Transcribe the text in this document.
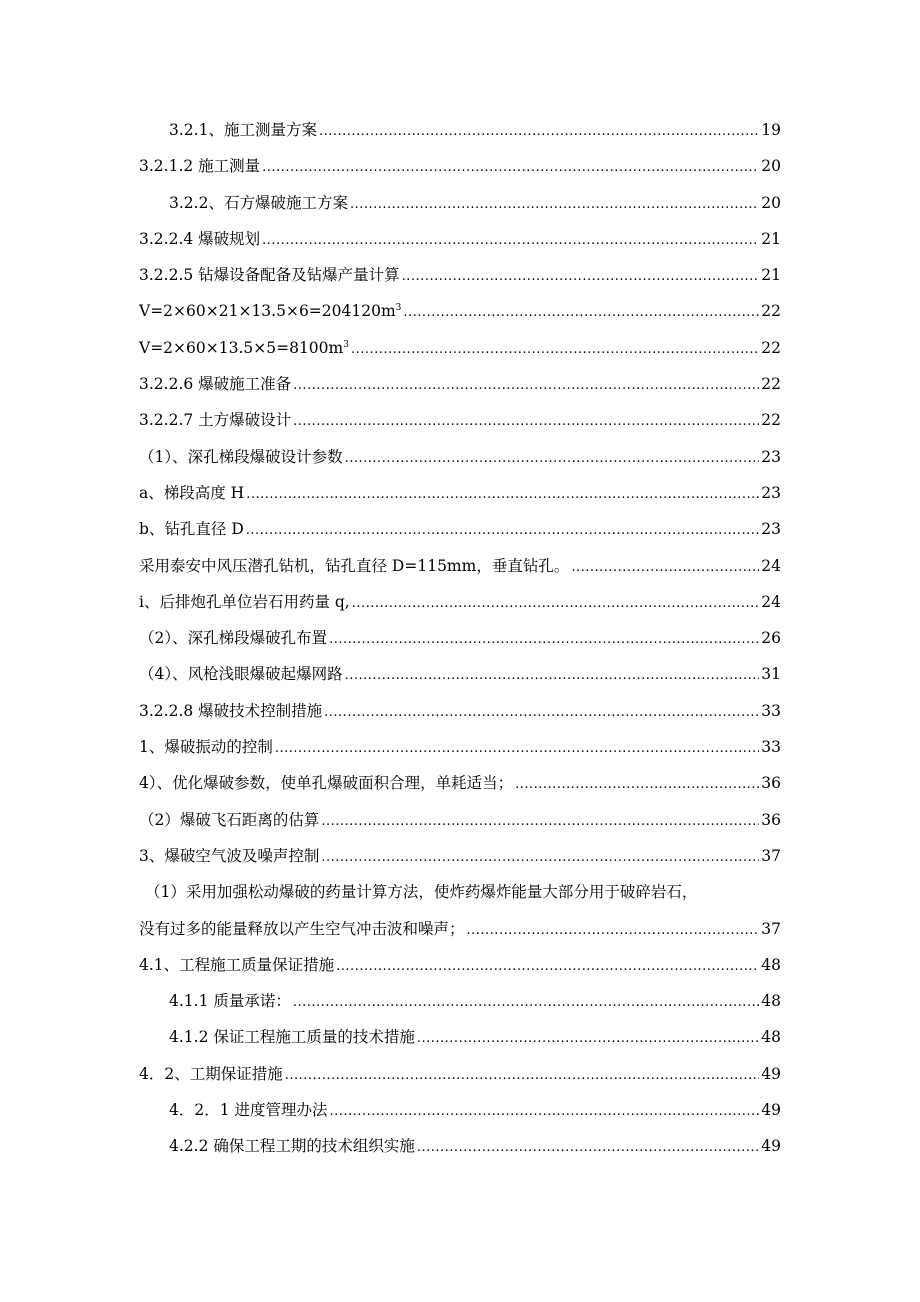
3.2.1、施工测量方案 .....	19
3.2.1.2 施工测量 .....	20
3.2.2、石方爆破施工方案 .....	20
3.2.2.4 爆破规划 .....	21
3.2.2.5 钻爆设备配备及钻爆产量计算 .....	21
$V=2\times 60\times 21\times 13.5\times 6=204120m^3$ .....	22
$V=2\times 60\times 13.5\times 5=8100m^3$ .....	22
3.2.2.6 爆破施工准备 .....	22
3.2.2.7 土方爆破设计 .....	22
（1）、深孔梯段爆破设计参数 .....	23
a、梯段高度 H .....	23
b、钻孔直径 D .....	23
采用泰安中风压潜孔钻机，钻孔直径 D=115mm，垂直钻孔。 .....	24
i、后排炮孔单位岩石用药量 q, .....	24
（2）、深孔梯段爆破孔布置 .....	26
（4）、风枪浅眼爆破起爆网路 .....	31
3.2.2.8 爆破技术控制措施 .....	33
1、爆破振动的控制 .....	33
4）、优化爆破参数，使单孔爆破面积合理，单耗适当； .....	36
（2）爆破飞石距离的估算 .....	36
3、爆破空气波及噪声控制 .....	37
（1）采用加强松动爆破的药量计算方法，使炸药爆炸能量大部分用于破碎岩石，
没有过多的能量释放以产生空气冲击波和噪声； .....	37
4.1、工程施工质量保证措施 .....	48
4.1.1 质量承诺： .....	48
4.1.2 保证工程施工质量的技术措施 .....	48
4．2、工期保证措施 .....	49
4．2．1 进度管理办法 .....	49
4.2.2 确保工程工期的技术组织实施 .....	49
